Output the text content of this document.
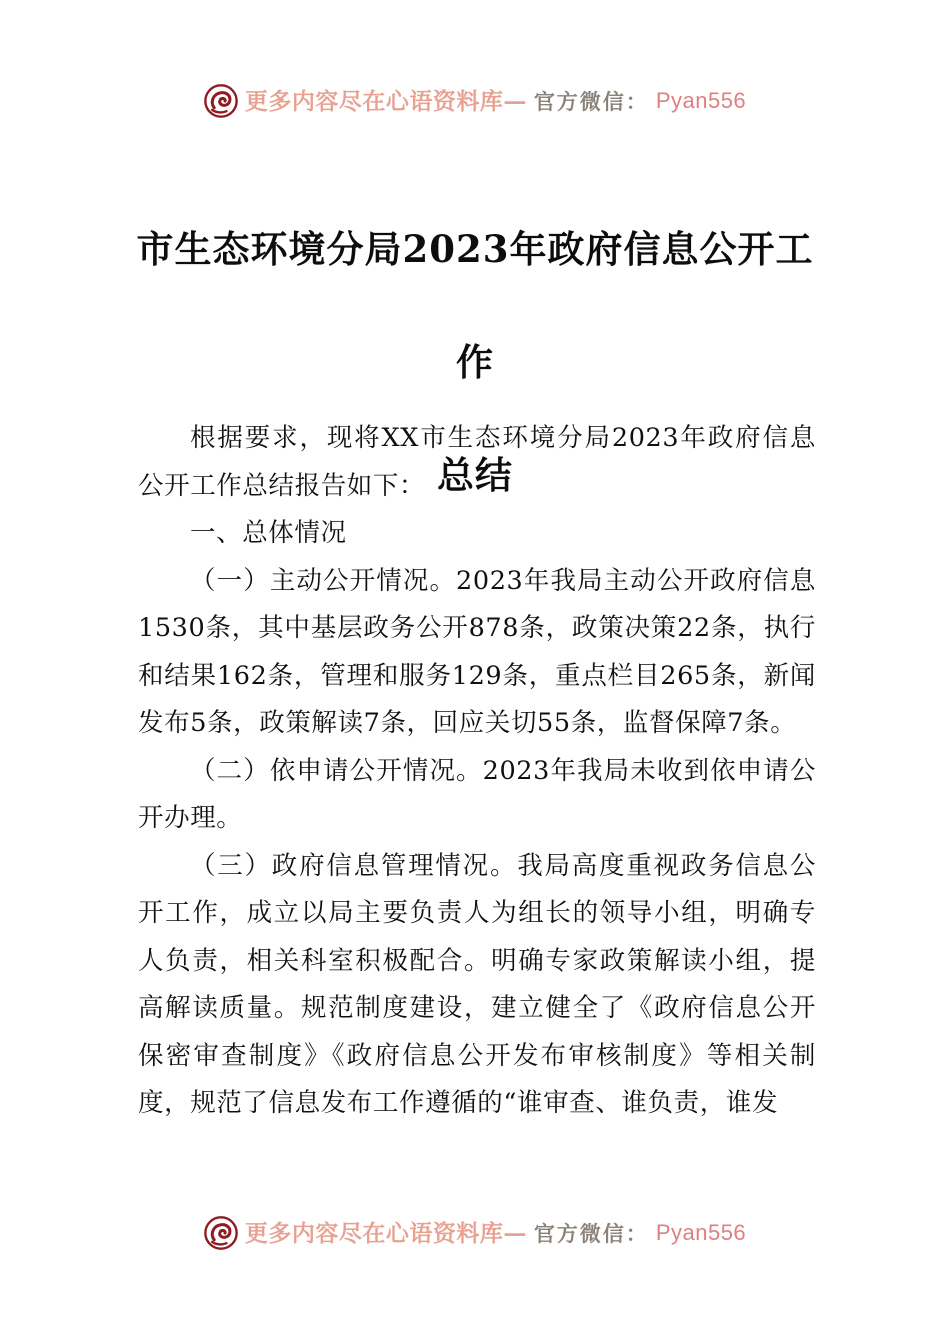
更多内容尽在心语资料库— 官方微信： Pyan556
市生态环境分局2023年政府信息公开工作
总结

根据要求，现将XX市生态环境分局2023年政府信息公开工作总结报告如下：

一、总体情况

（一）主动公开情况。2023年我局主动公开政府信息1530条，其中基层政务公开878条，政策决策22条，执行和结果162条，管理和服务129条，重点栏目265条，新闻发布5条，政策解读7条，回应关切55条，监督保障7条。

（二）依申请公开情况。2023年我局未收到依申请公开办理。

（三）政府信息管理情况。我局高度重视政务信息公开工作，成立以局主要负责人为组长的领导小组，明确专人负责，相关科室积极配合。明确专家政策解读小组，提高解读质量。规范制度建设，建立健全了《政府信息公开保密审查制度》《政府信息公开发布审核制度》等相关制度，规范了信息发布工作遵循的“谁审查、谁负责，谁发

更多内容尽在心语资料库— 官方微信： Pyan556
